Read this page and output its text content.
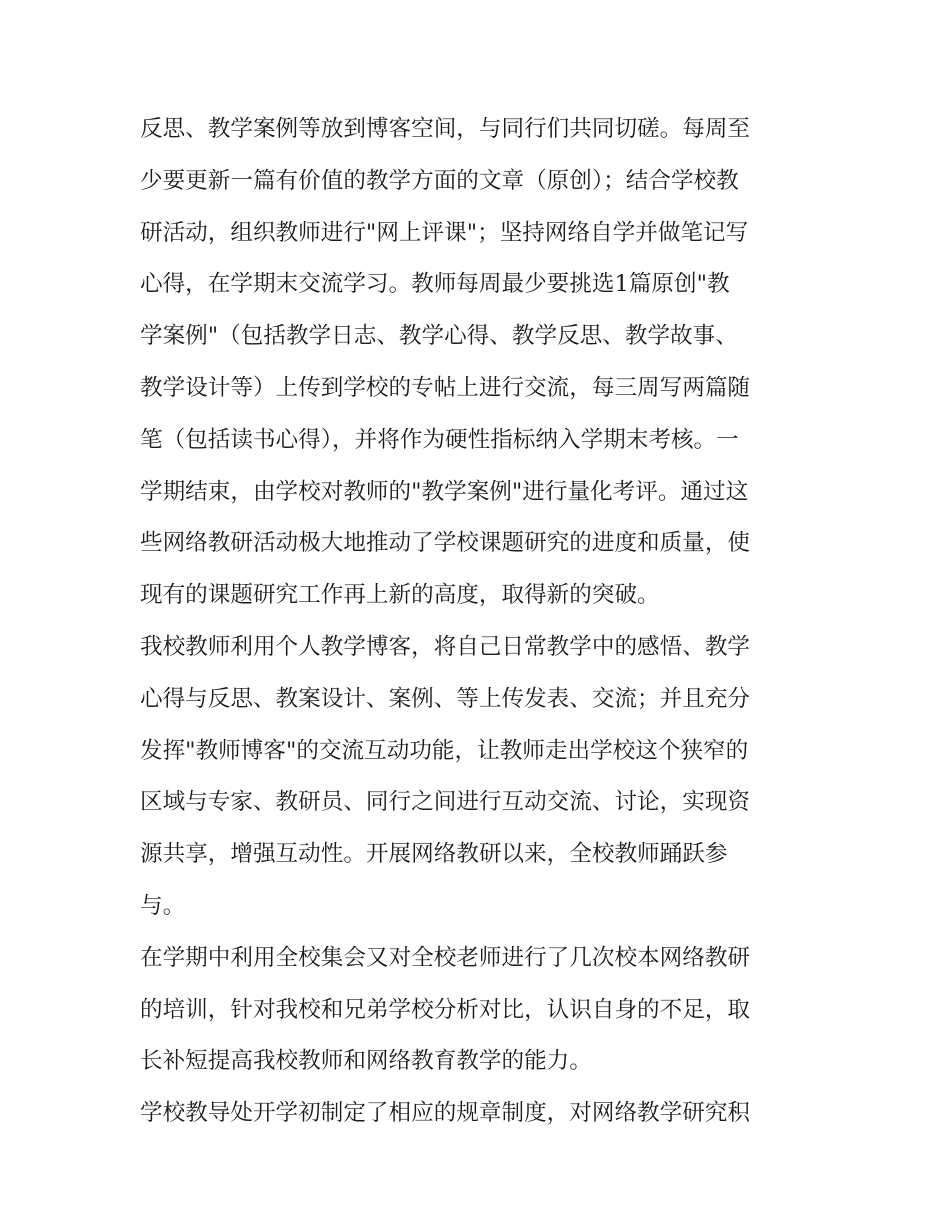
反思、教学案例等放到博客空间，与同行们共同切磋。每周至
少要更新一篇有价值的教学方面的文章（原创）；结合学校教
研活动，组织教师进行"网上评课"；坚持网络自学并做笔记写
心得，在学期末交流学习。教师每周最少要挑选1篇原创"教
学案例"（包括教学日志、教学心得、教学反思、教学故事、
教学设计等）上传到学校的专帖上进行交流，每三周写两篇随
笔（包括读书心得），并将作为硬性指标纳入学期末考核。一
学期结束，由学校对教师的"教学案例"进行量化考评。通过这
些网络教研活动极大地推动了学校课题研究的进度和质量，使
现有的课题研究工作再上新的高度，取得新的突破。
我校教师利用个人教学博客，将自己日常教学中的感悟、教学
心得与反思、教案设计、案例、等上传发表、交流；并且充分
发挥"教师博客"的交流互动功能，让教师走出学校这个狭窄的
区域与专家、教研员、同行之间进行互动交流、讨论，实现资
源共享，增强互动性。开展网络教研以来，全校教师踊跃参
与。
在学期中利用全校集会又对全校老师进行了几次校本网络教研
的培训，针对我校和兄弟学校分析对比，认识自身的不足，取
长补短提高我校教师和网络教育教学的能力。
学校教导处开学初制定了相应的规章制度，对网络教学研究积
